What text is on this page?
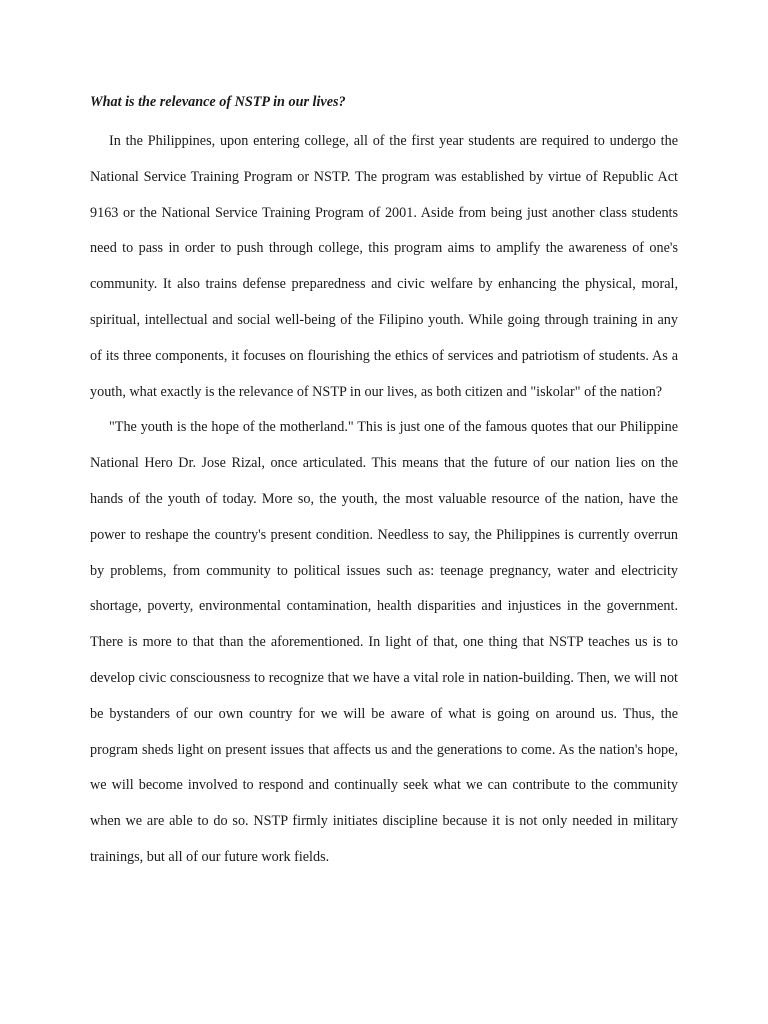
What is the relevance of NSTP in our lives?

In the Philippines, upon entering college, all of the first year students are required to undergo the National Service Training Program or NSTP. The program was established by virtue of Republic Act 9163 or the National Service Training Program of 2001. Aside from being just another class students need to pass in order to push through college, this program aims to amplify the awareness of one's community. It also trains defense preparedness and civic welfare by enhancing the physical, moral, spiritual, intellectual and social well-being of the Filipino youth. While going through training in any of its three components, it focuses on flourishing the ethics of services and patriotism of students. As a youth, what exactly is the relevance of NSTP in our lives, as both citizen and "iskolar" of the nation?

"The youth is the hope of the motherland." This is just one of the famous quotes that our Philippine National Hero Dr. Jose Rizal, once articulated. This means that the future of our nation lies on the hands of the youth of today. More so, the youth, the most valuable resource of the nation, have the power to reshape the country's present condition. Needless to say, the Philippines is currently overrun by problems, from community to political issues such as: teenage pregnancy, water and electricity shortage, poverty, environmental contamination, health disparities and injustices in the government. There is more to that than the aforementioned. In light of that, one thing that NSTP teaches us is to develop civic consciousness to recognize that we have a vital role in nation-building. Then, we will not be bystanders of our own country for we will be aware of what is going on around us. Thus, the program sheds light on present issues that affects us and the generations to come. As the nation's hope, we will become involved to respond and continually seek what we can contribute to the community when we are able to do so. NSTP firmly initiates discipline because it is not only needed in military trainings, but all of our future work fields.
